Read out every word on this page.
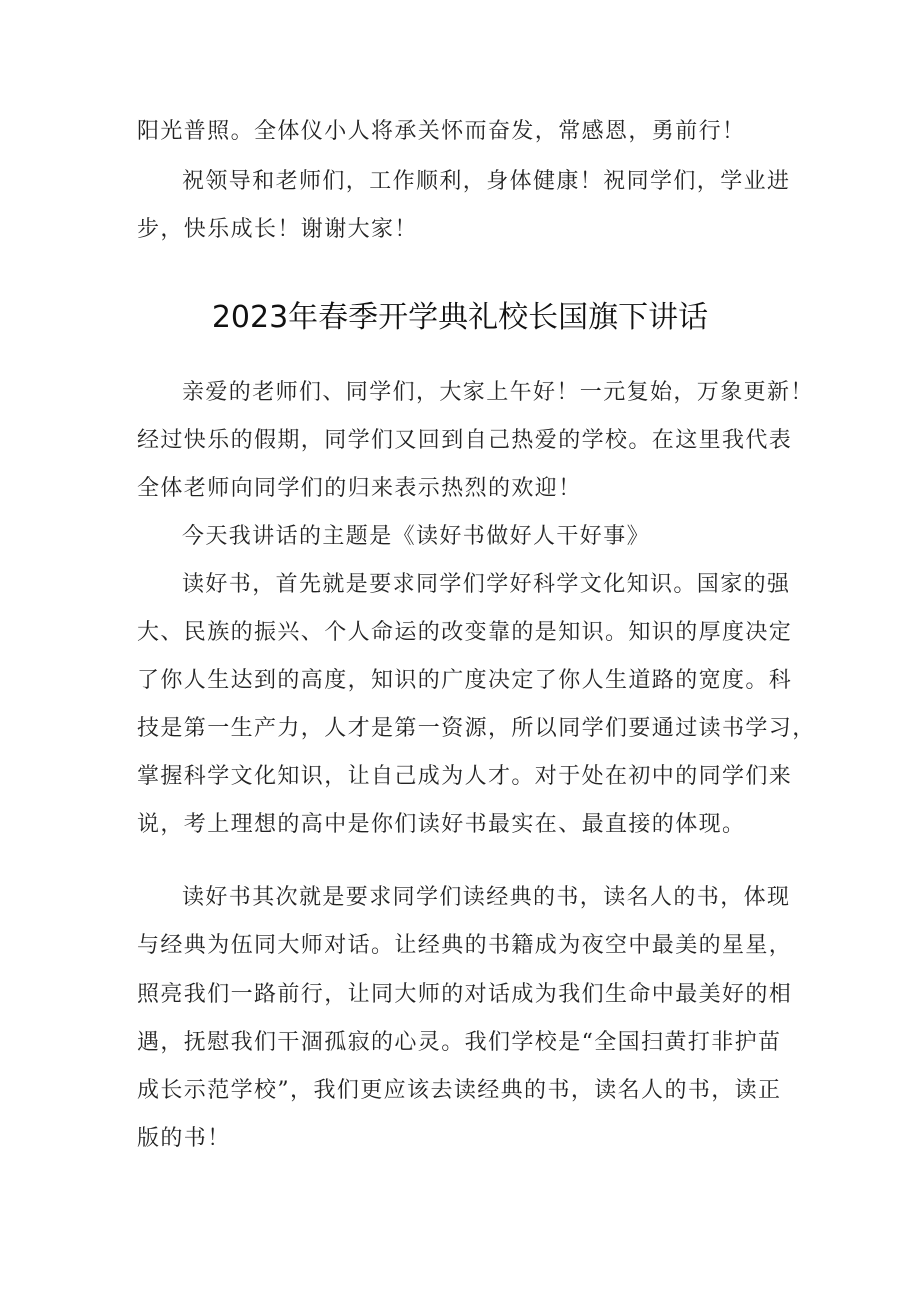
阳光普照。全体仪小人将承关怀而奋发，常感恩，勇前行！
祝领导和老师们，工作顺利，身体健康！祝同学们，学业进
步，快乐成长！谢谢大家！
2023年春季开学典礼校长国旗下讲话
亲爱的老师们、同学们，大家上午好！一元复始，万象更新！
经过快乐的假期，同学们又回到自己热爱的学校。在这里我代表
全体老师向同学们的归来表示热烈的欢迎！
今天我讲话的主题是《读好书做好人干好事》
读好书，首先就是要求同学们学好科学文化知识。国家的强
大、民族的振兴、个人命运的改变靠的是知识。知识的厚度决定
了你人生达到的高度，知识的广度决定了你人生道路的宽度。科
技是第一生产力，人才是第一资源，所以同学们要通过读书学习，
掌握科学文化知识，让自己成为人才。对于处在初中的同学们来
说，考上理想的高中是你们读好书最实在、最直接的体现。
读好书其次就是要求同学们读经典的书，读名人的书，体现
与经典为伍同大师对话。让经典的书籍成为夜空中最美的星星，
照亮我们一路前行，让同大师的对话成为我们生命中最美好的相
遇，抚慰我们干涸孤寂的心灵。我们学校是“全国扫黄打非护苗
成长示范学校”，我们更应该去读经典的书，读名人的书，读正
版的书！
